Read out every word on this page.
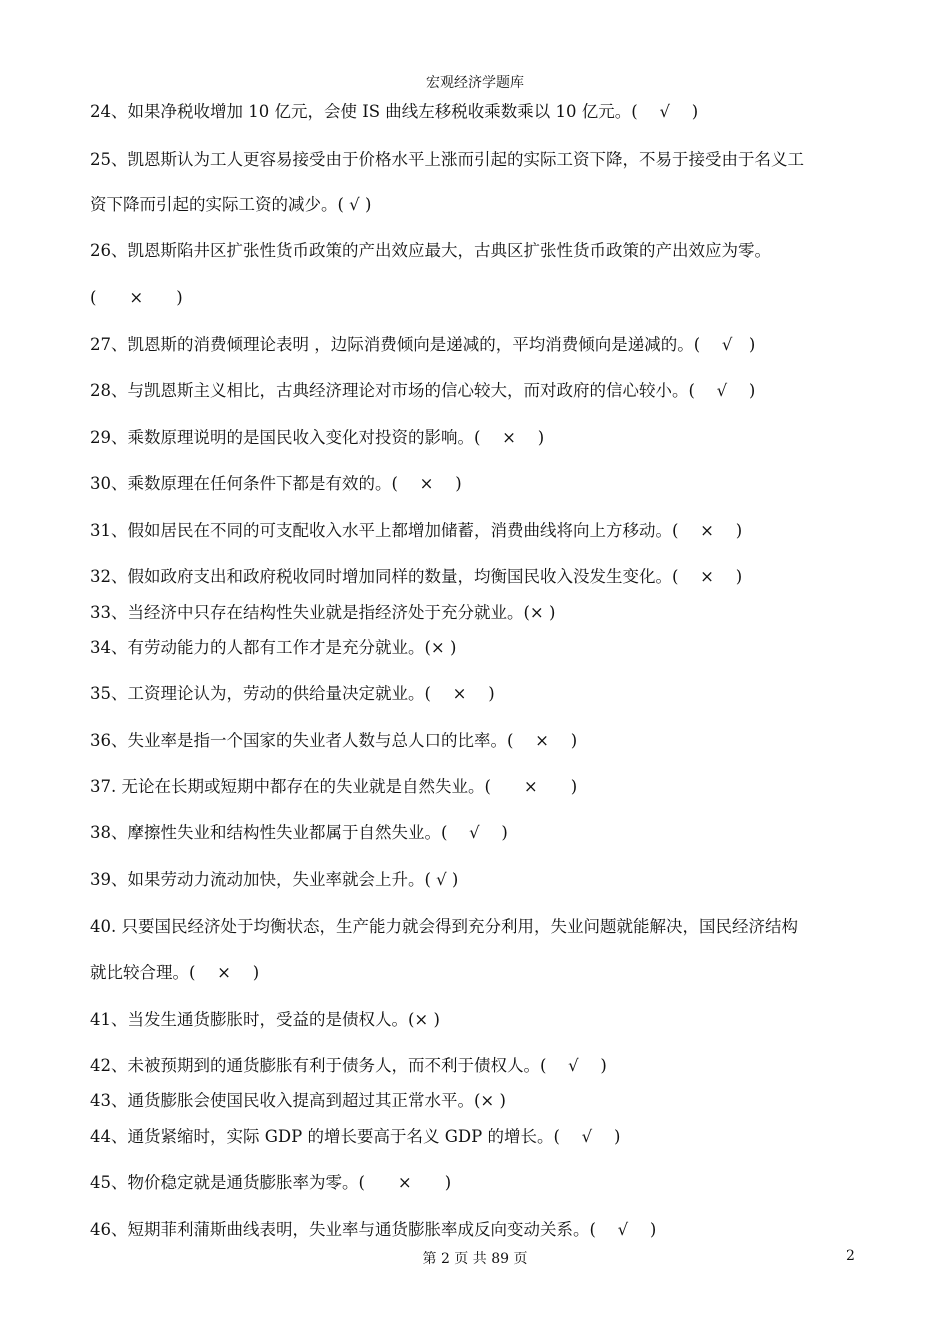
宏观经济学题库
24、如果净税收增加 10 亿元，会使 IS 曲线左移税收乘数乘以 10 亿元。(　 √　 )
25、凯恩斯认为工人更容易接受由于价格水平上涨而引起的实际工资下降，不易于接受由于名义工
资下降而引起的实际工资的减少。( √ )
26、凯恩斯陷井区扩张性货币政策的产出效应最大，古典区扩张性货币政策的产出效应为零。
(　　×　　)
27、凯恩斯的消费倾理论表明 ，边际消费倾向是递减的，平均消费倾向是递减的。(　 √　)
28、与凯恩斯主义相比，古典经济理论对市场的信心较大，而对政府的信心较小。(　 √　 )
29、乘数原理说明的是国民收入变化对投资的影响。(　 ×　 )
30、乘数原理在任何条件下都是有效的。(　 ×　 )
31、假如居民在不同的可支配收入水平上都增加储蓄，消费曲线将向上方移动。(　 ×　 )
32、假如政府支出和政府税收同时增加同样的数量，均衡国民收入没发生变化。(　 ×　 )
33、当经济中只存在结构性失业就是指经济处于充分就业。(× )
34、有劳动能力的人都有工作才是充分就业。(× )
35、工资理论认为，劳动的供给量决定就业。(　 ×　 )
36、失业率是指一个国家的失业者人数与总人口的比率。(　 ×　 )
37. 无论在长期或短期中都存在的失业就是自然失业。(　　×　　)
38、摩擦性失业和结构性失业都属于自然失业。(　 √　 )
39、如果劳动力流动加快，失业率就会上升。( √ )
40. 只要国民经济处于均衡状态，生产能力就会得到充分利用，失业问题就能解决，国民经济结构
就比较合理。(　 ×　 )
41、当发生通货膨胀时，受益的是债权人。(× )
42、未被预期到的通货膨胀有利于债务人，而不利于债权人。(　 √　 )
43、通货膨胀会使国民收入提高到超过其正常水平。(× )
44、通货紧缩时，实际 GDP 的增长要高于名义 GDP 的增长。(　 √　 )
45、物价稳定就是通货膨胀率为零。(　　×　　)
46、短期菲利蒲斯曲线表明，失业率与通货膨胀率成反向变动关系。(　 √　 )
第 2 页 共 89 页	2
